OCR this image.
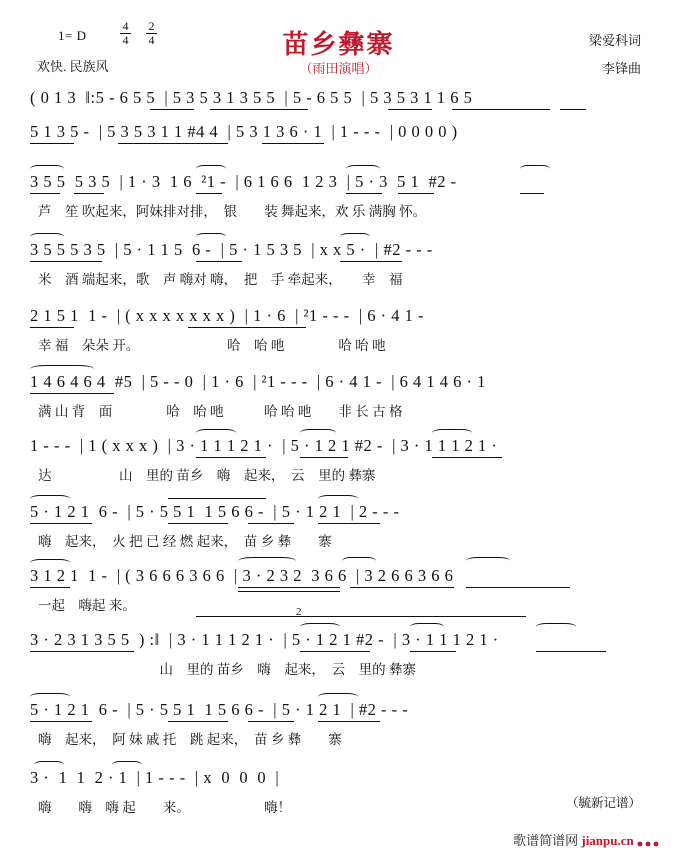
1= D
4
4
2
4
欢快. 民族风
苗乡彝寨
（雨田演唱）
梁爱科词
李锋曲
( 0 1 3  ‖:5 - 6 5 5  | 5 3 5 3 1 3 5 5  | 5 - 6 5 5  | 5 3 5 3 1 1 6 5
5 1 3 5 -  | 5 3 5 3 1 1 #4 4  | 5 3 1 3 6 · 1  | 1 - - -  | 0 0 0 0 )
3 5 5  5 3 5  | 1 · 3  1 6  ²1 -  | 6 1 6 6  1 2 3  | 5 · 3  5 1  #2 -
芦　笙 吹起来，阿妹排对排，　银　　装 舞起来，欢 乐 满胸 怀。
3 5 5 5 3 5  | 5 · 1 1 5  6 -  | 5 · 1 5 3 5  | x x 5 ·  | #2 - - -
米　酒 端起来，歌　声 嗨对 嗨，　把　手 牵起来，　　幸　福
2 1 5 1  1 -  | ( x x x x x x x )  | 1 · 6  | ²1 - - -  | 6 · 4 1 -
幸 福　朵朵 开。　　　　　　　哈　咍 吔　　　　哈 咍 吔
1 4 6 4 6 4  #5  | 5 - - 0  | 1 · 6  | ²1 - - -  | 6 · 4 1 -  | 6 4 1 4 6 · 1
满 山 背　面　　　　哈　咍 吔　　　哈 咍 吔　　非 长 古 格
1 - - -  | 1 ( x x x )  | 3 · 1 1 1 2 1 ·  | 5 · 1 2 1 #2 -  | 3 · 1 1 1 2 1 ·
达　　　　　山　里的 苗乡　嗨　起来，　云　里的 彝寨
5 · 1 2 1  6 -  | 5 · 5 5 1  1 5 6 6 -  | 5 · 1 2 1  | 2 - - -
嗨　起来，　火 把 已 经 燃 起来，　苗 乡 彝　　寨
3 1 2 1  1 -  | ( 3 6 6 6 3 6 6  | 3 · 2 3 2  3 6 6  | 3 2 6 6 3 6 6
一起　嗨起 来。	2
3 · 2 3 1 3 5 5  ) :‖  | 3 · 1 1 1 2 1 ·  | 5 · 1 2 1 #2 -  | 3 · 1 1 1 2 1 ·
　　　　　　　　　山　里的 苗乡　嗨　起来，　云　里的 彝寨
5 · 1 2 1  6 -  | 5 · 5 5 1  1 5 6 6 -  | 5 · 1 2 1  | #2 - - -
嗨　起来，　阿 妹 戚 托　跳 起来，　苗 乡 彝　　寨
3 ·  1  1  2 · 1  | 1 - - -  | x  0  0  0  |
嗨　　嗨　嗨 起　　来。　　　　　　嗨！	（毓新记谱）
歌谱简谱网 jianpu.cn
